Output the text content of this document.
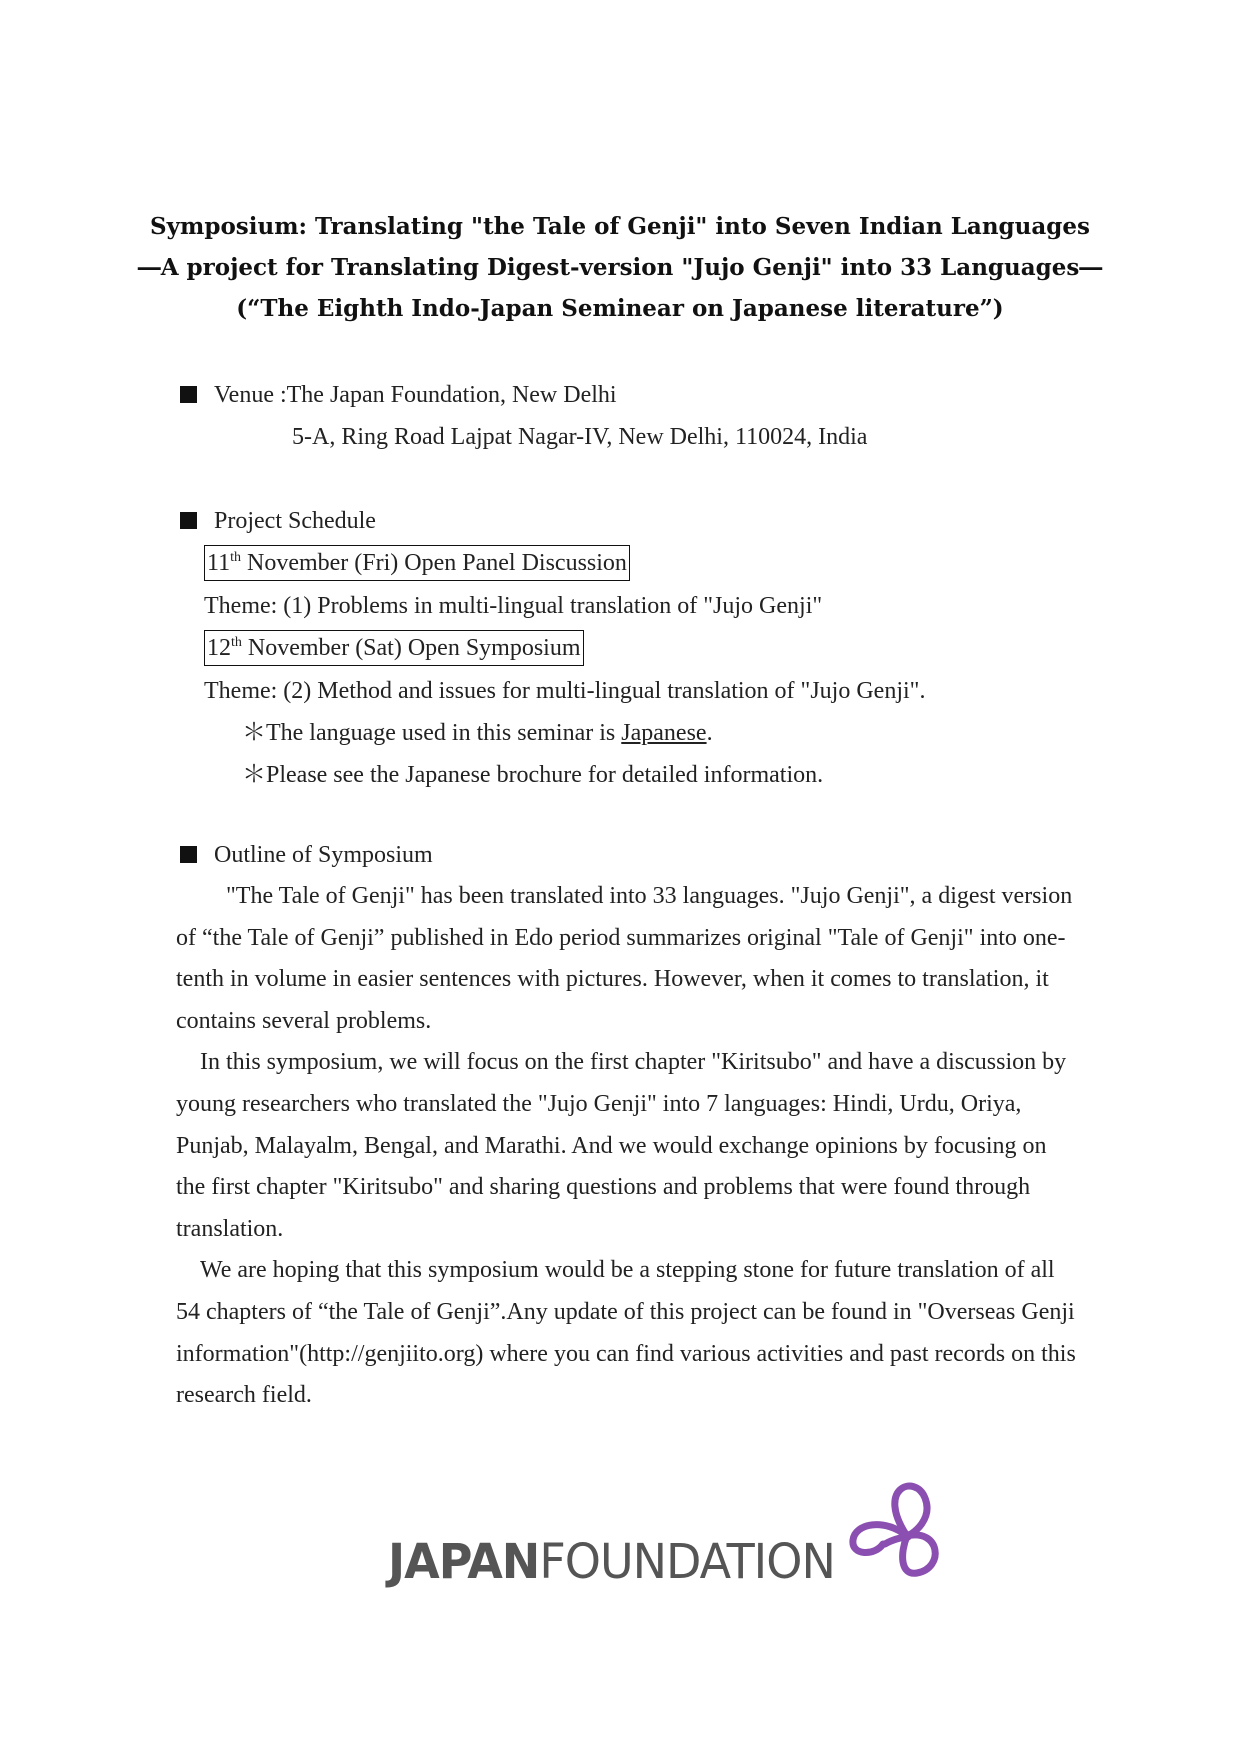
Symposium: Translating "the Tale of Genji" into Seven Indian Languages
―A project for Translating Digest-version "Jujo Genji" into 33 Languages―
(“The Eighth Indo-Japan Seminear on Japanese literature”)
Venue :The Japan Foundation, New Delhi
5-A, Ring Road Lajpat Nagar-IV, New Delhi, 110024, India
Project Schedule
11th November (Fri) Open Panel Discussion
Theme: (1) Problems in multi-lingual translation of "Jujo Genji"
12th November (Sat) Open Symposium
Theme: (2) Method and issues for multi-lingual translation of "Jujo Genji".
＊The language used in this seminar is Japanese.
＊Please see the Japanese brochure for detailed information.
Outline of Symposium

"The Tale of Genji" has been translated into 33 languages. "Jujo Genji", a digest version of “the Tale of Genji” published in Edo period summarizes original "Tale of Genji" into one-tenth in volume in easier sentences with pictures. However, when it comes to translation, it contains several problems.

In this symposium, we will focus on the first chapter "Kiritsubo" and have a discussion by young researchers who translated the "Jujo Genji" into 7 languages: Hindi, Urdu, Oriya, Punjab, Malayalm, Bengal, and Marathi. And we would exchange opinions by focusing on the first chapter "Kiritsubo" and sharing questions and problems that were found through translation.

We are hoping that this symposium would be a stepping stone for future translation of all 54 chapters of “the Tale of Genji”.Any update of this project can be found in "Overseas Genji information"(http://genjiito.org) where you can find various activities and past records on this research field.

JAPANFOUNDATION
